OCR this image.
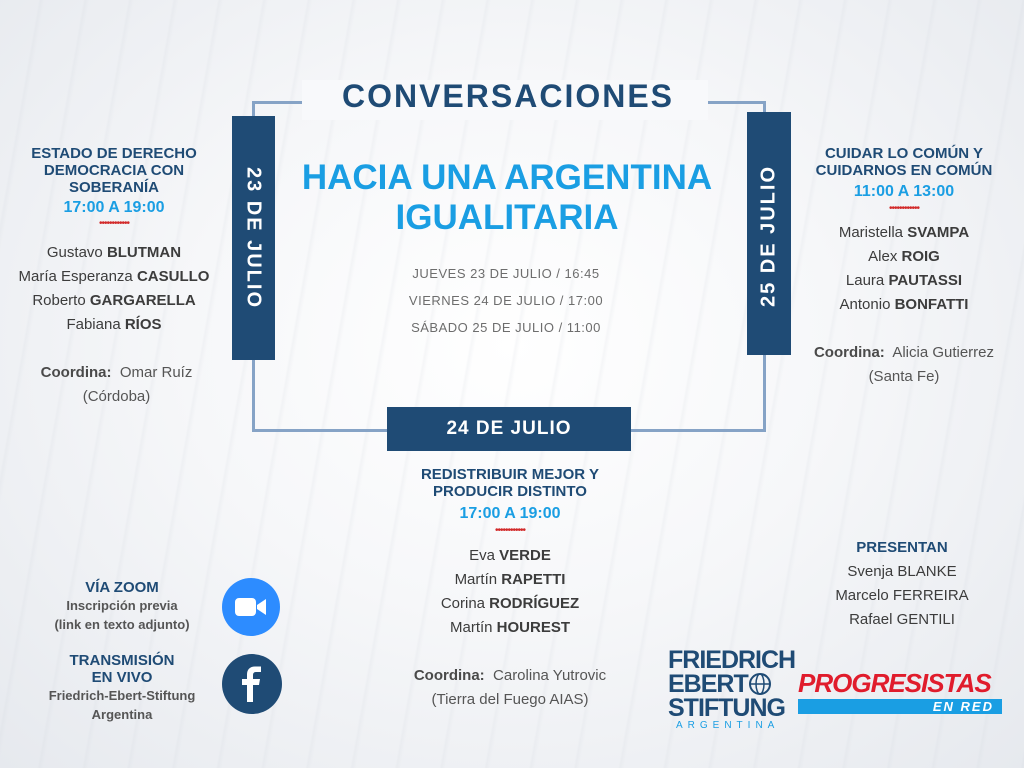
CONVERSACIONES
23 DE JULIO	25 DE JULIO
HACIA UNA ARGENTINA IGUALITARIA
JUEVES 23 DE JULIO / 16:45
VIERNES 24 DE JULIO / 17:00
SÁBADO 25 DE JULIO / 11:00
24 DE JULIO
ESTADO DE DERECHO
DEMOCRACIA CON
SOBERANÍA
17:00 A 19:00
••••••••••••
Gustavo BLUTMAN
María Esperanza CASULLO
Roberto GARGARELLA
Fabiana RÍOS
Coordina: Omar Ruíz
(Córdoba)
CUIDAR LO COMÚN Y
CUIDARNOS EN COMÚN
11:00 A 13:00
••••••••••••
Maristella SVAMPA
Alex ROIG
Laura PAUTASSI
Antonio BONFATTI
Coordina: Alicia Gutierrez
(Santa Fe)
REDISTRIBUIR MEJOR Y
PRODUCIR DISTINTO
17:00 A 19:00
••••••••••••
Eva VERDE
Martín RAPETTI
Corina RODRÍGUEZ
Martín HOUREST
Coordina: Carolina Yutrovic
(Tierra del Fuego AIAS)
VÍA ZOOM
Inscripción previa
(link en texto adjunto)
TRANSMISIÓN
EN VIVO
Friedrich-Ebert-Stiftung
Argentina
PRESENTAN
Svenja BLANKE
Marcelo FERREIRA
Rafael GENTILI
FRIEDRICH
EBERT
STIFTUNG
ARGENTINA
PROGRESISTAS
EN RED
